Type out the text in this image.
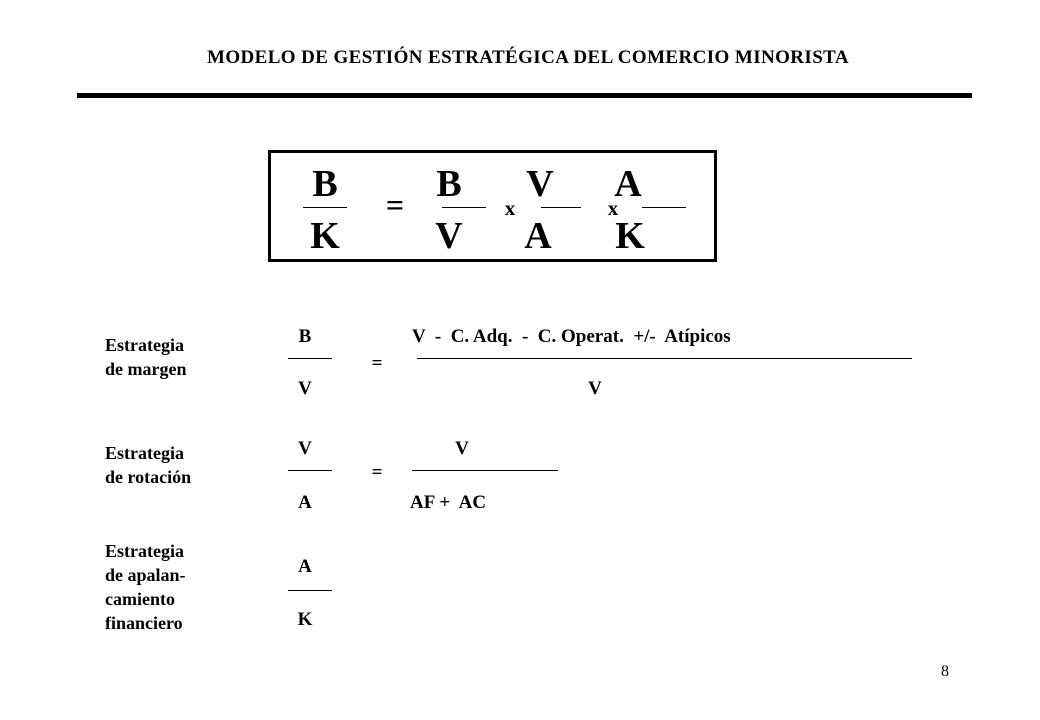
MODELO DE GESTIÓN ESTRATÉGICA DEL COMERCIO MINORISTA
B
K
= B
V
x
V
A
x
A
K
Estrategia
de margen
B
V
=
V  -  C. Adq.  -  C. Operat.  +/-  Atípicos
V
Estrategia
de rotación
V
A
=
V
AF +  AC
Estrategia
de apalan-
camiento
financiero
A
K
8
